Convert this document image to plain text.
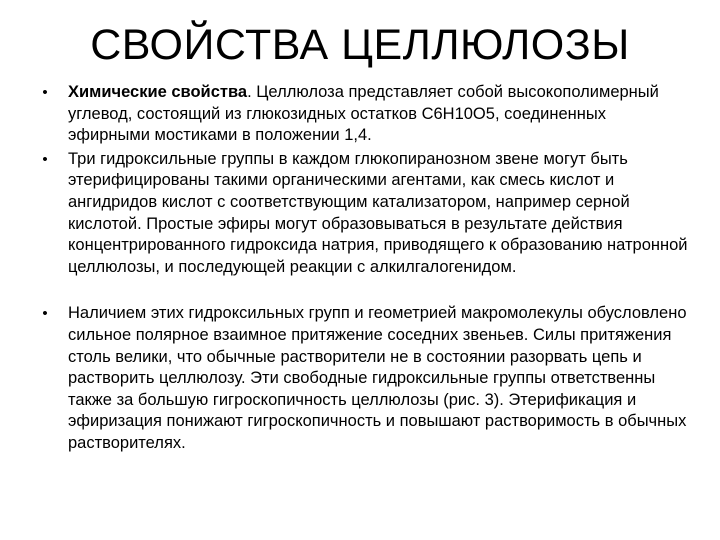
СВОЙСТВА ЦЕЛЛЮЛОЗЫ
• Химические свойства. Целлюлоза представляет собой высокополимерный углевод, состоящий из глюкозидных остатков С6Н10О5, соединенных эфирными мостиками в положении 1,4.
• Три гидроксильные группы в каждом глюкопиранозном звене могут быть этерифицированы такими органическими агентами, как смесь кислот и ангидридов кислот с соответствующим катализатором, например серной кислотой. Простые эфиры могут образовываться в результате действия концентрированного гидроксида натрия, приводящего к образованию натронной целлюлозы, и последующей реакции с алкилгалогенидом.
• Наличием этих гидроксильных групп и геометрией макромолекулы обусловлено сильное полярное взаимное притяжение соседних звеньев. Силы притяжения столь велики, что обычные растворители не в состоянии разорвать цепь и растворить целлюлозу. Эти свободные гидроксильные группы ответственны также за большую гигроскопичность целлюлозы (рис. 3). Этерификация и эфиризация понижают гигроскопичность и повышают растворимость в обычных растворителях.
